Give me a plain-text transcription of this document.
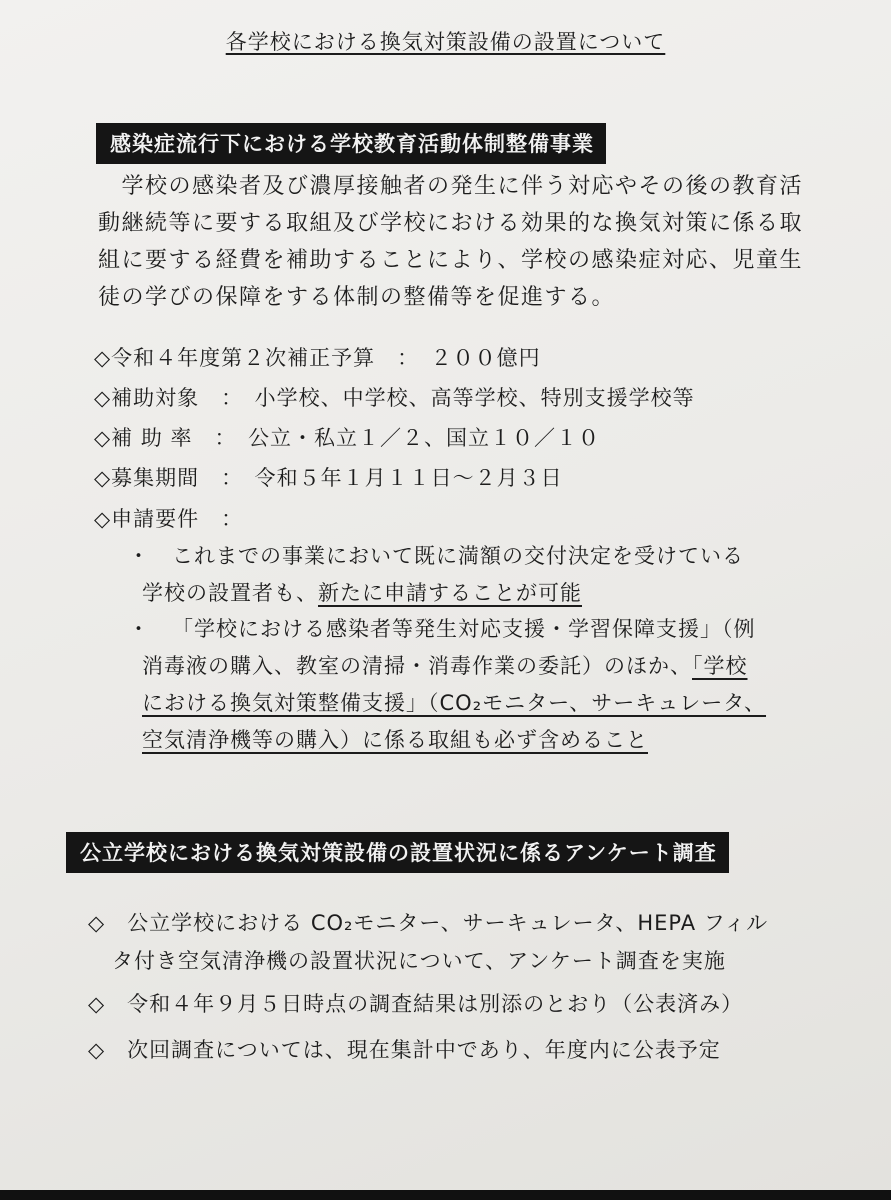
各学校における換気対策設備の設置について
感染症流行下における学校教育活動体制整備事業

　学校の感染者及び濃厚接触者の発生に伴う対応やその後の教育活動継続等に要する取組及び学校における効果的な換気対策に係る取組に要する経費を補助することにより、学校の感染症対応、児童生徒の学びの保障をする体制の整備等を促進する。

◇令和４年度第２次補正予算　：　２００億円
◇補助対象　：　小学校、中学校、高等学校、特別支援学校等
◇補 助 率　：　公立・私立１／２、国立１０／１０
◇募集期間　：　令和５年１月１１日～２月３日
◇申請要件　：
・ これまでの事業において既に満額の交付決定を受けている
学校の設置者も、新たに申請することが可能
・ 「学校における感染者等発生対応支援・学習保障支援」（例
消毒液の購入、教室の清掃・消毒作業の委託）のほか、「学校
における換気対策整備支援」（CO₂モニター、サーキュレータ、
空気清浄機等の購入）に係る取組も必ず含めること
公立学校における換気対策設備の設置状況に係るアンケート調査
◇　公立学校における CO₂モニター、サーキュレータ、HEPA フィル
タ付き空気清浄機の設置状況について、アンケート調査を実施
◇　令和４年９月５日時点の調査結果は別添のとおり（公表済み）
◇　次回調査については、現在集計中であり、年度内に公表予定
